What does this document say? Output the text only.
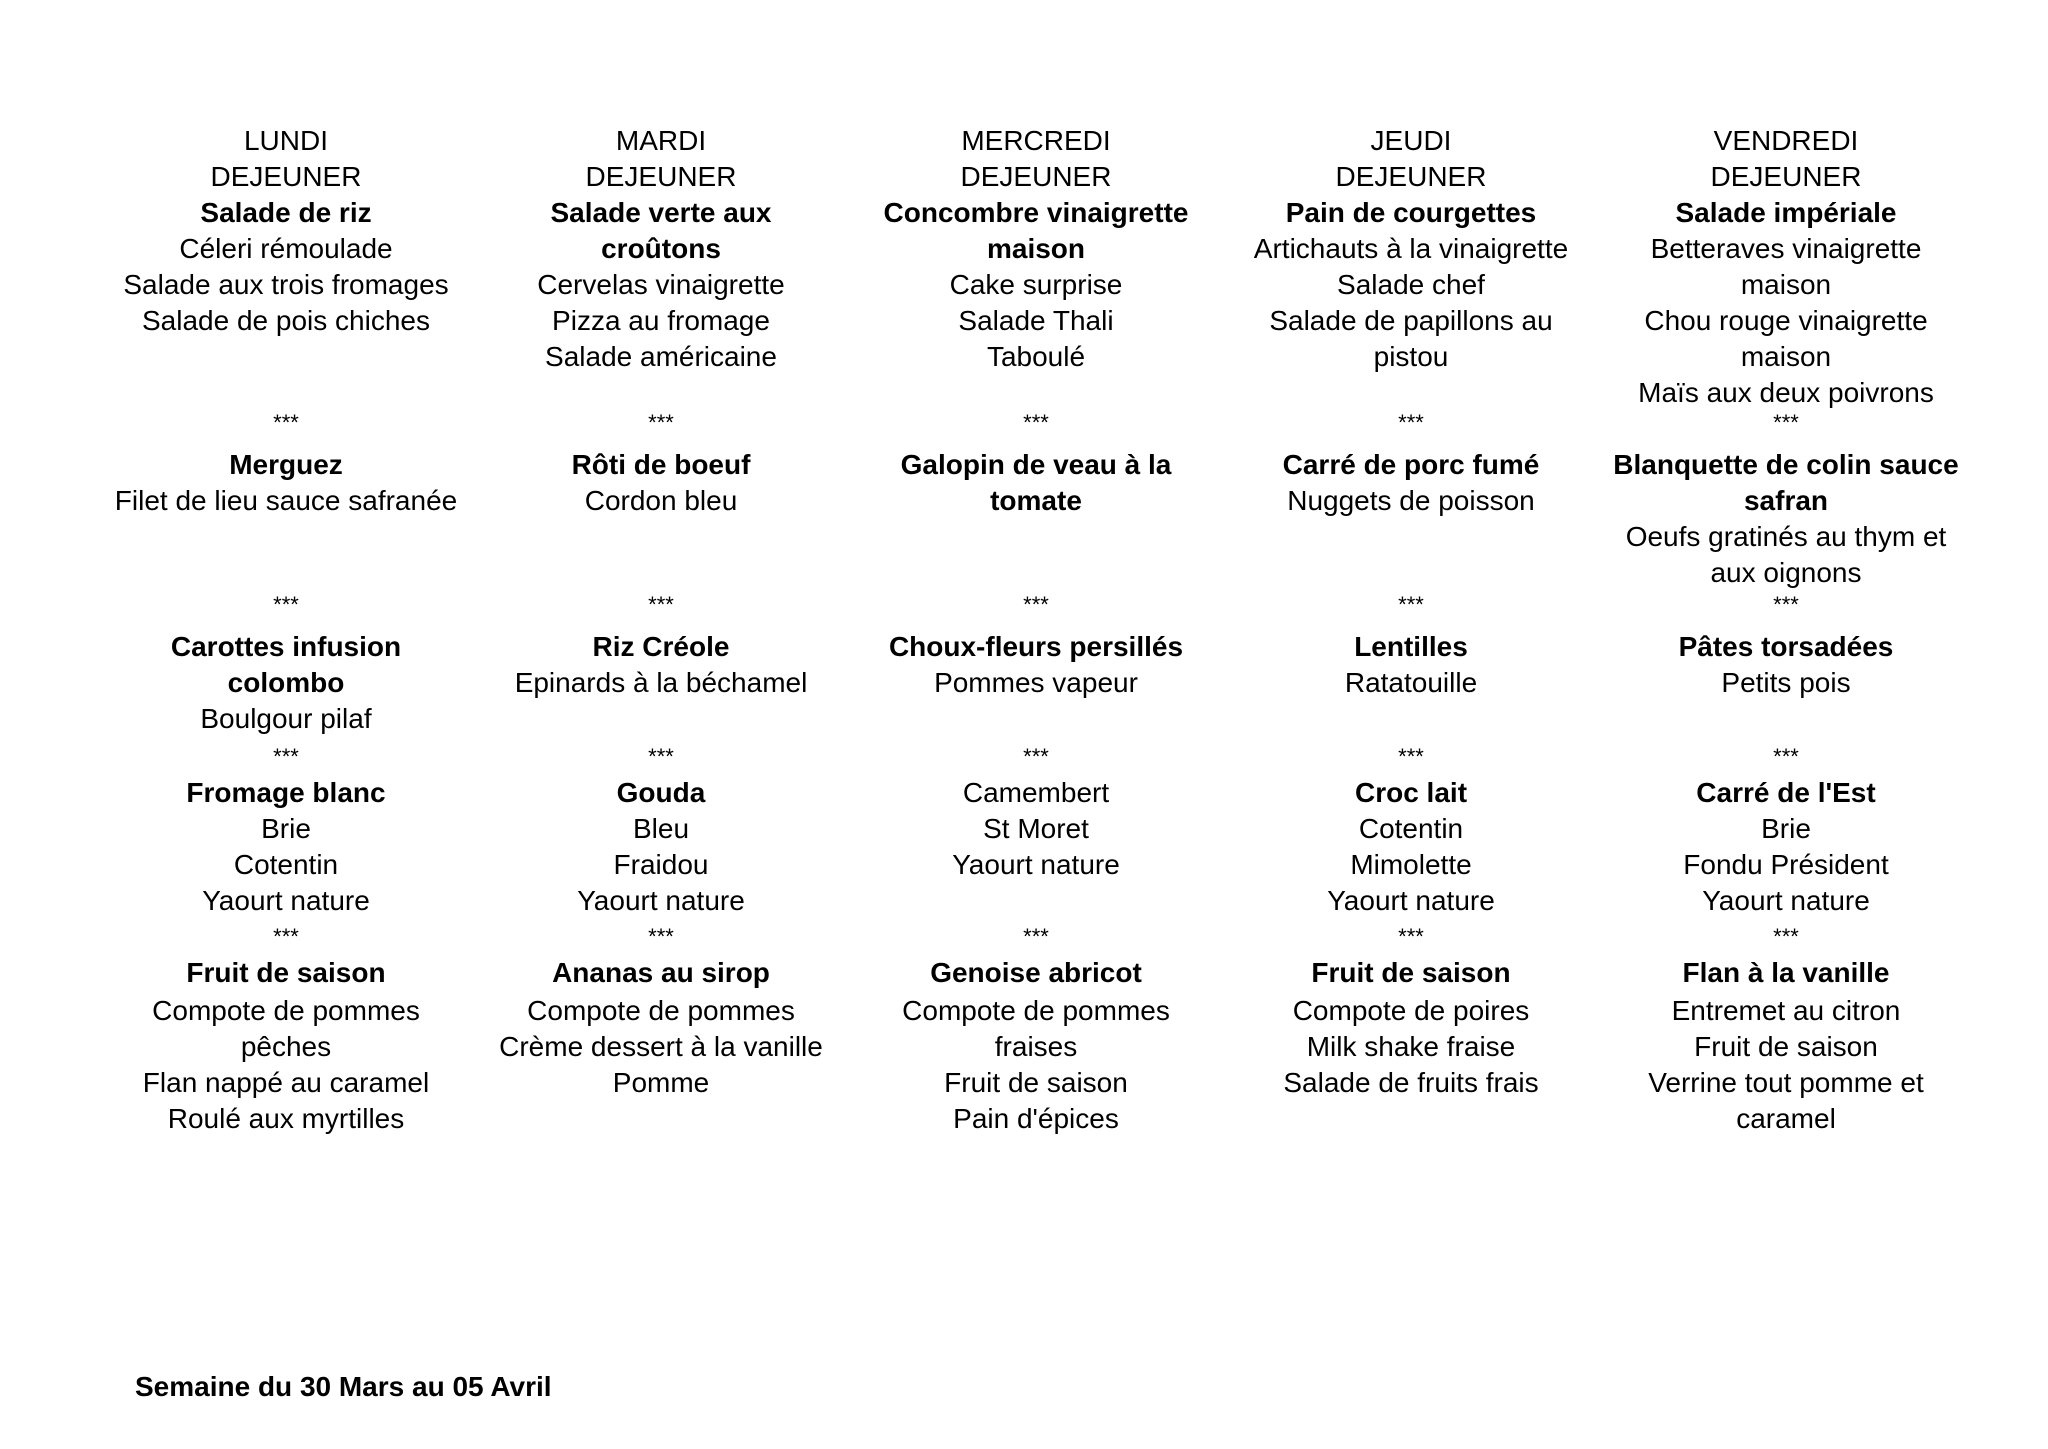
LUNDI
DEJEUNER
Salade de riz
Céleri rémoulade
Salade aux trois fromages
Salade de pois chiches
***
Merguez
Filet de lieu sauce safranée
***
Carottes infusion
colombo
Boulgour pilaf
***
Fromage blanc
Brie
Cotentin
Yaourt nature
***
Fruit de saison
Compote de pommes
pêches
Flan nappé au caramel
Roulé aux myrtilles
MARDI
DEJEUNER
Salade verte aux
croûtons
Cervelas vinaigrette
Pizza au fromage
Salade américaine
***
Rôti de boeuf
Cordon bleu
***
Riz Créole
Epinards à la béchamel
***
Gouda
Bleu
Fraidou
Yaourt nature
***
Ananas au sirop
Compote de pommes
Crème dessert à la vanille
Pomme
MERCREDI
DEJEUNER
Concombre vinaigrette
maison
Cake surprise
Salade Thali
Taboulé
***
Galopin de veau à la
tomate
***
Choux-fleurs persillés
Pommes vapeur
***
Camembert
St Moret
Yaourt nature
***
Genoise abricot
Compote de pommes
fraises
Fruit de saison
Pain d'épices
JEUDI
DEJEUNER
Pain de courgettes
Artichauts à la vinaigrette
Salade chef
Salade de papillons au
pistou
***
Carré de porc fumé
Nuggets de poisson
***
Lentilles
Ratatouille
***
Croc lait
Cotentin
Mimolette
Yaourt nature
***
Fruit de saison
Compote de poires
Milk shake fraise
Salade de fruits frais
VENDREDI
DEJEUNER
Salade impériale
Betteraves vinaigrette
maison
Chou rouge vinaigrette
maison
Maïs aux deux poivrons
***
Blanquette de colin sauce
safran
Oeufs gratinés au thym et
aux oignons
***
Pâtes torsadées
Petits pois
***
Carré de l'Est
Brie
Fondu Président
Yaourt nature
***
Flan à la vanille
Entremet au citron
Fruit de saison
Verrine tout pomme et
caramel
Semaine du 30 Mars au 05 Avril
